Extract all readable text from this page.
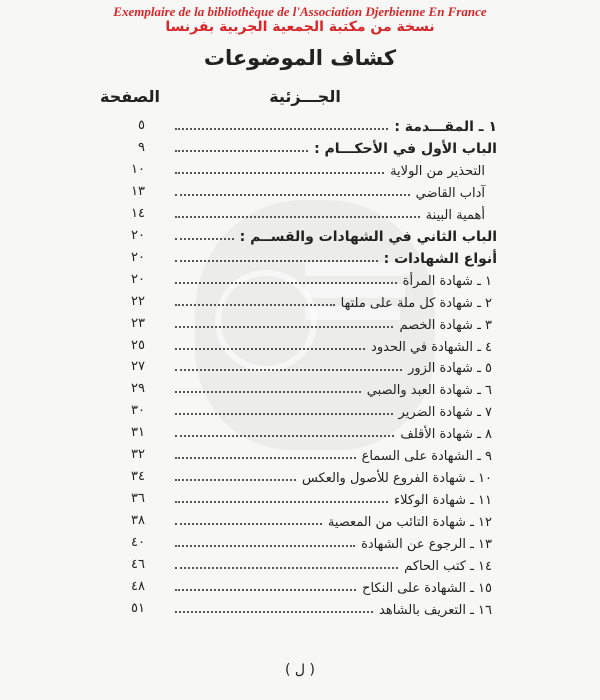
Exemplaire de la bibliothèque de l'Association Djerbienne En France
نسخة من مكتبة الجمعية الجربية بفرنسا
كشاف الموضوعات
الجـــزئية
الصفحة
١ ـ المقـــدمة :
٥
الباب الأول في الأحكـــام :
٩
التحذير من الولاية
١٠
آداب القاضي
١٣
أهمية البينة
١٤
الباب الثاني في الشهادات والقســم :
٢٠
أنواع الشهادات :
٢٠
١ ـ شهادة المرأة
٢٠
٢ ـ شهادة كل ملة على ملتها
٢٢
٣ ـ شهادة الخصم
٢٣
٤ ـ الشهادة في الحدود
٢٥
٥ ـ شهادة الزور
٢٧
٦ ـ شهادة العبد والصبي
٢٩
٧ ـ شهادة الضرير
٣٠
٨ ـ شهادة الأقلف
٣١
٩ ـ الشهادة على السماع
٣٢
١٠ ـ شهادة الفروع للأصول والعكس
٣٤
١١ ـ شهادة الوكلاء
٣٦
١٢ ـ شهادة التائب من المعصية
٣٨
١٣ ـ الرجوع عن الشهادة
٤٠
١٤ ـ كتب الحاكم
٤٦
١٥ ـ الشهادة على النكاح
٤٨
١٦ ـ التعريف بالشاهد
٥١
( ل )
